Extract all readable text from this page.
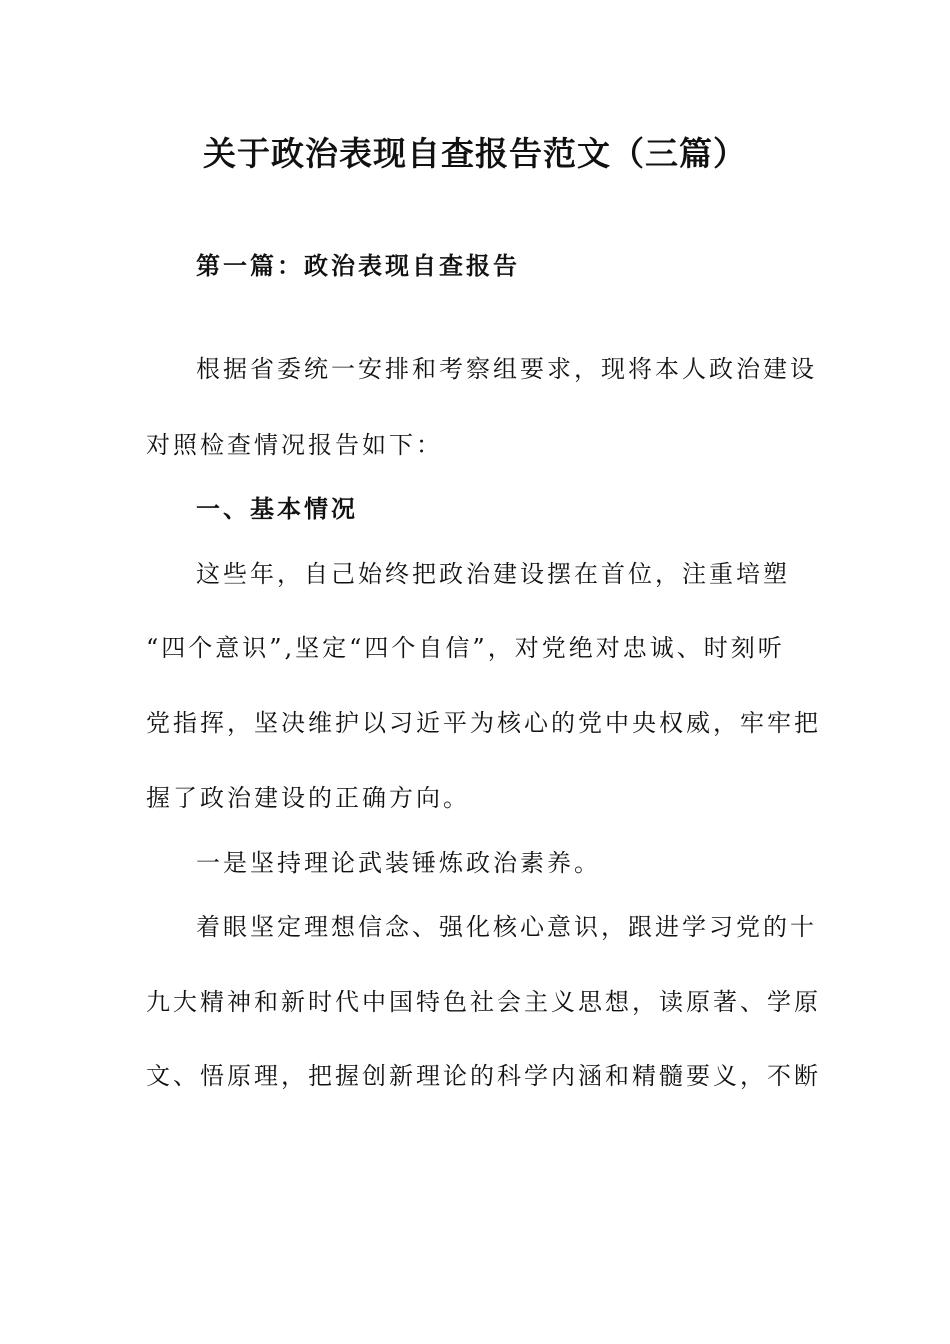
关于政治表现自查报告范文（三篇）

第一篇：政治表现自查报告

根据省委统一安排和考察组要求，现将本人政治建设

对照检查情况报告如下：

一、基本情况

这些年，自己始终把政治建设摆在首位，注重培塑

“四个意识”,坚定“四个自信”，对党绝对忠诚、时刻听

党指挥，坚决维护以习近平为核心的党中央权威，牢牢把

握了政治建设的正确方向。

一是坚持理论武装锤炼政治素养。

着眼坚定理想信念、强化核心意识，跟进学习党的十

九大精神和新时代中国特色社会主义思想，读原著、学原

文、悟原理，把握创新理论的科学内涵和精髓要义，不断
